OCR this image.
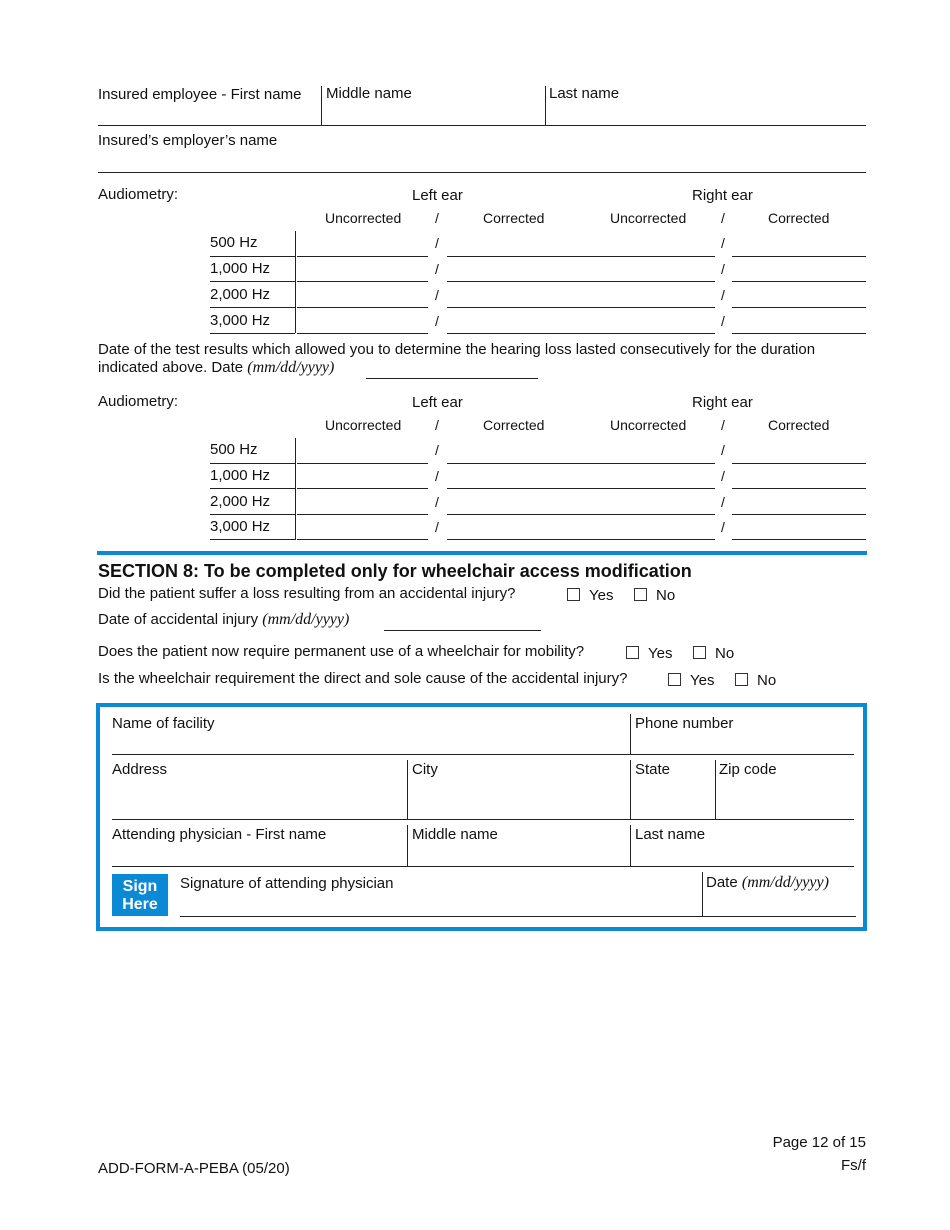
Insured employee - First name Middle name	Last name
Insured’s employer’s name
Audiometry:	Left ear	Right ear
Uncorrected /	Corrected	Uncorrected /	Corrected
500 Hz	/	/
1,000 Hz	/	/
2,000 Hz	/	/
3,000 Hz	/	/
Date of the test results which allowed you to determine the hearing loss lasted consecutively for the duration
indicated above. Date (mm/dd/yyyy)
Audiometry:	Left ear	Right ear
Uncorrected /	Corrected	Uncorrected /	Corrected
500 Hz	/	/
1,000 Hz	/	/
2,000 Hz	/	/
3,000 Hz	/	/
SECTION 8: To be completed only for wheelchair access modification
Did the patient suffer a loss resulting from an accidental injury?	Yes	No
Date of accidental injury (mm/dd/yyyy)
Does the patient now require permanent use of a wheelchair for mobility?	Yes	No
Is the wheelchair requirement the direct and sole cause of the accidental injury?	Yes	No
Name of facility	Phone number
Address	City	State	Zip code
Attending physician - First name	Middle name	Last name
Sign
Here
Signature of attending physician	Date (mm/dd/yyyy)
ADD-FORM-A-PEBA (05/20)
Page 12 of 15
Fs/f
